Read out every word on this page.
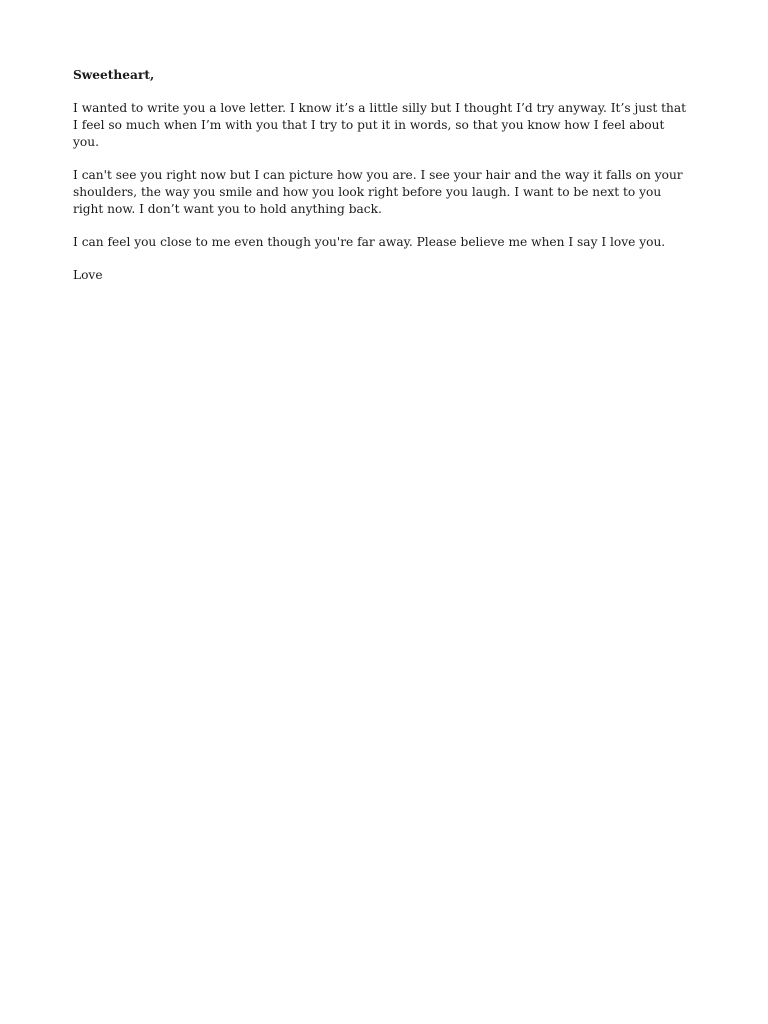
Sweetheart,

I wanted to write you a love letter. I know it’s a little silly but I thought I’d try anyway. It’s just that I feel so much when I’m with you that I try to put it in words, so that you know how I feel about you.

I can't see you right now but I can picture how you are. I see your hair and the way it falls on your shoulders, the way you smile and how you look right before you laugh. I want to be next to you right now. I don’t want you to hold anything back.

I can feel you close to me even though you're far away. Please believe me when I say I love you.

Love
